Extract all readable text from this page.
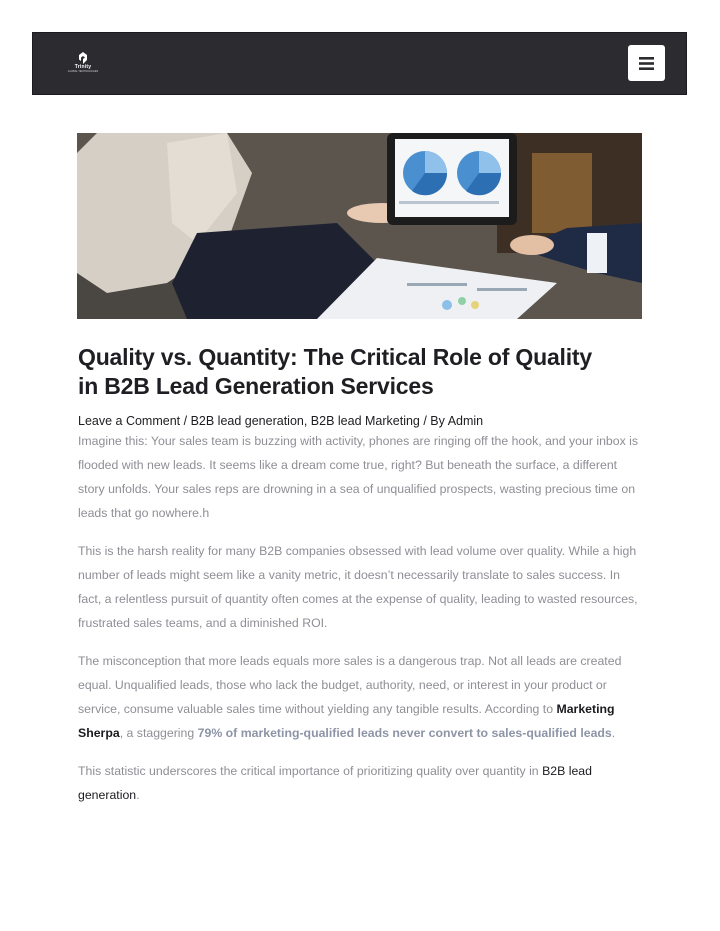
Trinity
GLOBAL TECHNOLOGIES
Quality vs. Quantity: The Critical Role of Quality
in B2B Lead Generation Services
Leave a Comment / B2B lead generation, B2B lead Marketing / By Admin

Imagine this: Your sales team is buzzing with activity, phones are ringing off the hook, and your inbox is flooded with new leads. It seems like a dream come true, right? But beneath the surface, a different story unfolds. Your sales reps are drowning in a sea of unqualified prospects, wasting precious time on leads that go nowhere.h

This is the harsh reality for many B2B companies obsessed with lead volume over quality. While a high number of leads might seem like a vanity metric, it doesn’t necessarily translate to sales success. In fact, a relentless pursuit of quantity often comes at the expense of quality, leading to wasted resources, frustrated sales teams, and a diminished ROI.

The misconception that more leads equals more sales is a dangerous trap. Not all leads are created equal. Unqualified leads, those who lack the budget, authority, need, or interest in your product or service, consume valuable sales time without yielding any tangible results. According to Marketing Sherpa, a staggering 79% of marketing-qualified leads never convert to sales-qualified leads.

This statistic underscores the critical importance of prioritizing quality over quantity in B2B lead generation.
